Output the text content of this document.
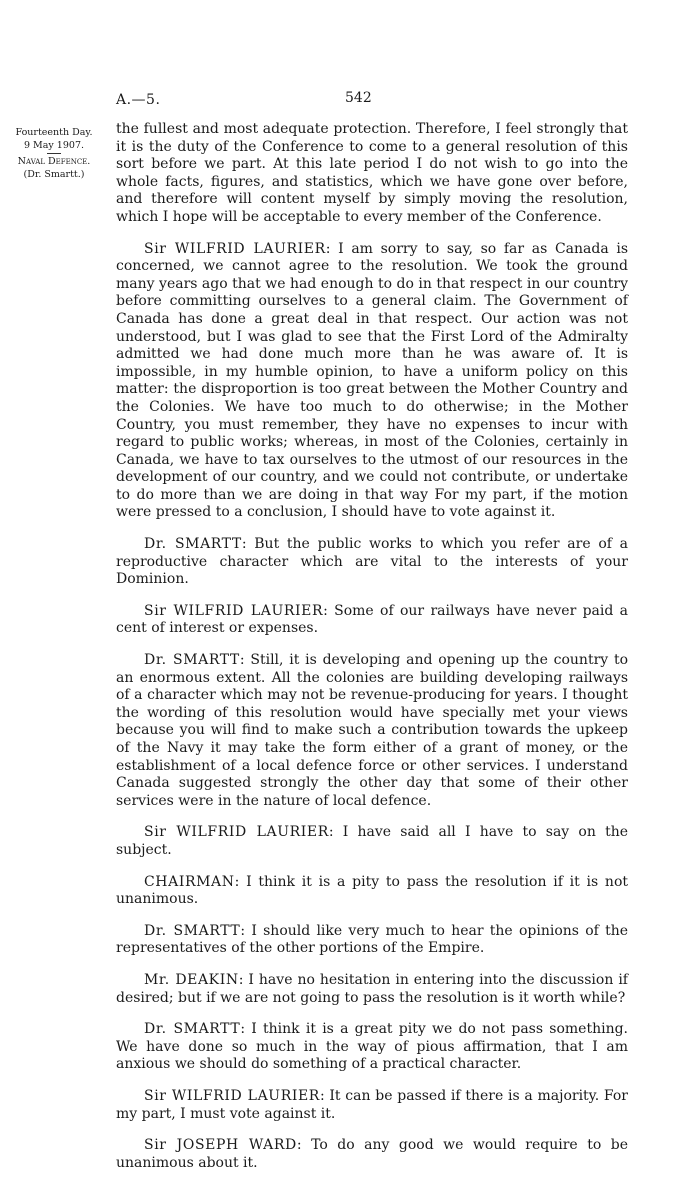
A.—5.	542
Fourteenth Day.
9 May 1907.
Naval Defence.
(Dr. Smartt.)

the fullest and most adequate protection. Therefore, I feel strongly that it is the duty of the Conference to come to a general resolution of this sort before we part. At this late period I do not wish to go into the whole facts, figures, and statistics, which we have gone over before, and therefore will content myself by simply moving the resolution, which I hope will be acceptable to every member of the Conference.

Sir WILFRID LAURIER: I am sorry to say, so far as Canada is concerned, we cannot agree to the resolution. We took the ground many years ago that we had enough to do in that respect in our country before committing ourselves to a general claim. The Government of Canada has done a great deal in that respect. Our action was not understood, but I was glad to see that the First Lord of the Admiralty admitted we had done much more than he was aware of. It is impossible, in my humble opinion, to have a uniform policy on this matter: the disproportion is too great between the Mother Country and the Colonies. We have too much to do otherwise; in the Mother Country, you must remember, they have no expenses to incur with regard to public works; whereas, in most of the Colonies, certainly in Canada, we have to tax ourselves to the utmost of our resources in the development of our country, and we could not contribute, or undertake to do more than we are doing in that way For my part, if the motion were pressed to a conclusion, I should have to vote against it.

Dr. SMARTT: But the public works to which you refer are of a reproductive character which are vital to the interests of your Dominion.

Sir WILFRID LAURIER: Some of our railways have never paid a cent of interest or expenses.

Dr. SMARTT: Still, it is developing and opening up the country to an enormous extent. All the colonies are building developing railways of a character which may not be revenue-producing for years. I thought the wording of this resolution would have specially met your views because you will find to make such a contribution towards the upkeep of the Navy it may take the form either of a grant of money, or the establishment of a local defence force or other services. I understand Canada suggested strongly the other day that some of their other services were in the nature of local defence.

Sir WILFRID LAURIER: I have said all I have to say on the subject.

CHAIRMAN: I think it is a pity to pass the resolution if it is not unanimous.

Dr. SMARTT: I should like very much to hear the opinions of the representatives of the other portions of the Empire.

Mr. DEAKIN: I have no hesitation in entering into the discussion if desired; but if we are not going to pass the resolution is it worth while?

Dr. SMARTT: I think it is a great pity we do not pass something. We have done so much in the way of pious affirmation, that I am anxious we should do something of a practical character.

Sir WILFRID LAURIER: It can be passed if there is a majority. For my part, I must vote against it.

Sir JOSEPH WARD: To do any good we would require to be unanimous about it.
